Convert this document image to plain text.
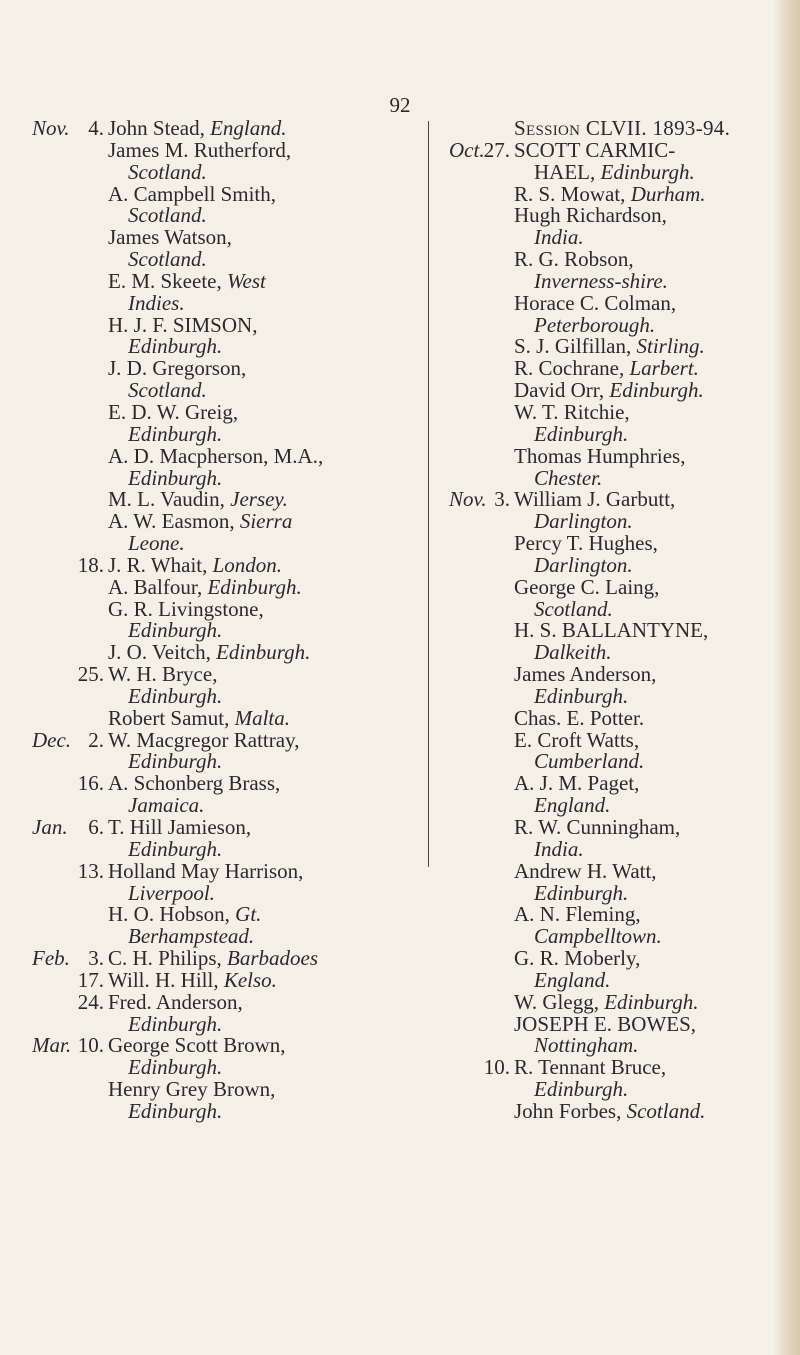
92
Nov. 4. John Stead, England.
James M. Rutherford,
Scotland.
A. Campbell Smith,
Scotland.
James Watson,
Scotland.
E. M. Skeete, West
Indies.
H. J. F. SIMSON,
Edinburgh.
J. D. Gregorson,
Scotland.
E. D. W. Greig,
Edinburgh.
A. D. Macpherson, M.A.,
Edinburgh.
M. L. Vaudin, Jersey.
A. W. Easmon, Sierra
Leone.
18. J. R. Whait, London.
A. Balfour, Edinburgh.
G. R. Livingstone,
Edinburgh.
J. O. Veitch, Edinburgh.
25. W. H. Bryce,
Edinburgh.
Robert Samut, Malta.
Dec. 2. W. Macgregor Rattray,
Edinburgh.
16. A. Schonberg Brass,
Jamaica.
Jan. 6. T. Hill Jamieson,
Edinburgh.
13. Holland May Harrison,
Liverpool.
H. O. Hobson, Gt.
Berhampstead.
Feb. 3. C. H. Philips, Barbadoes
17. Will. H. Hill, Kelso.
24. Fred. Anderson,
Edinburgh.
Mar. 10. George Scott Brown,
Edinburgh.
Henry Grey Brown,
Edinburgh.
Session CLVII. 1893-94.
Oct. 27. SCOTT CARMIC-
HAEL, Edinburgh.
R. S. Mowat, Durham.
Hugh Richardson,
India.
R. G. Robson,
Inverness-shire.
Horace C. Colman,
Peterborough.
S. J. Gilfillan, Stirling.
R. Cochrane, Larbert.
David Orr, Edinburgh.
W. T. Ritchie,
Edinburgh.
Thomas Humphries,
Chester.
Nov. 3. William J. Garbutt,
Darlington.
Percy T. Hughes,
Darlington.
George C. Laing,
Scotland.
H. S. BALLANTYNE,
Dalkeith.
James Anderson,
Edinburgh.
Chas. E. Potter.
E. Croft Watts,
Cumberland.
A. J. M. Paget,
England.
R. W. Cunningham,
India.
Andrew H. Watt,
Edinburgh.
A. N. Fleming,
Campbelltown.
G. R. Moberly,
England.
W. Glegg, Edinburgh.
JOSEPH E. BOWES,
Nottingham.
10. R. Tennant Bruce,
Edinburgh.
John Forbes, Scotland.
